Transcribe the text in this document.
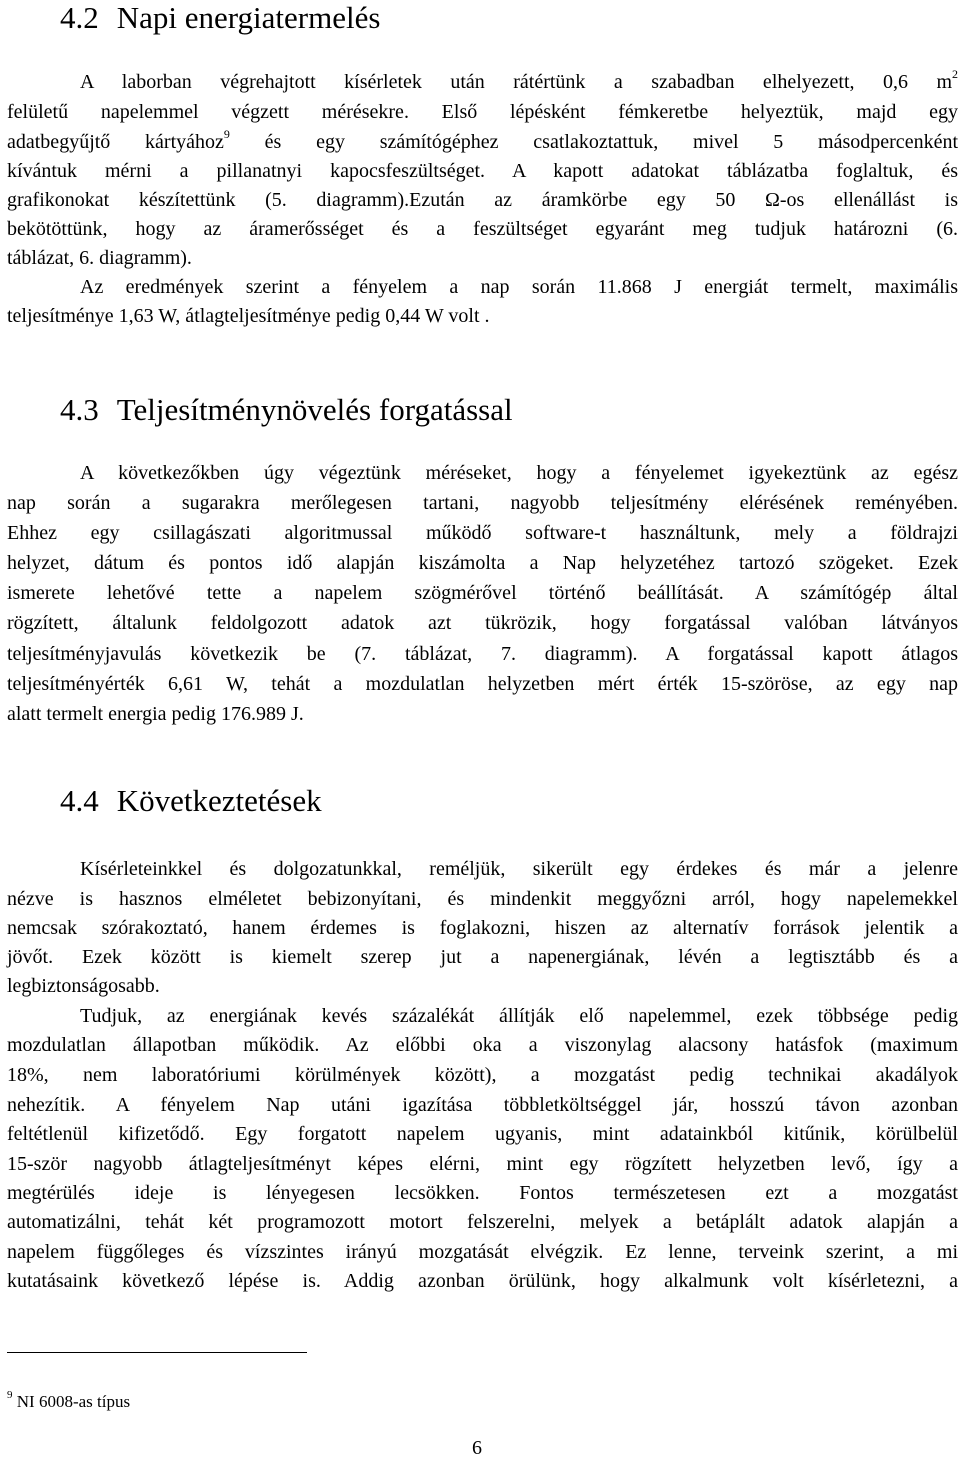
4.2 Napi energiatermelés

A laborban végrehajtott kísérletek után rátértünk a szabadban elhelyezett, 0,6 $m^2$

felületű napelemmel végzett mérésekre. Első lépésként fémkeretbe helyeztük, majd egy

adatbegyűjtő kártyához$^9$ és egy számítógéphez csatlakoztattuk, mivel 5 másodpercenként

kívántuk mérni a pillanatnyi kapocsfeszültséget. A kapott adatokat táblázatba foglaltuk, és

grafikonokat készítettünk (5. diagramm).Ezután az áramkörbe egy 50 Ω-os ellenállást is

bekötöttünk, hogy az áramerősséget és a feszültséget egyaránt meg tudjuk határozni (6.

táblázat, 6. diagramm).

Az eredmények szerint a fényelem a nap során 11.868 J energiát termelt, maximális

teljesítménye 1,63 W, átlagteljesítménye pedig 0,44 W volt .

4.3 Teljesítménynövelés forgatással

A következőkben úgy végeztünk méréseket, hogy a fényelemet igyekeztünk az egész

nap során a sugarakra merőlegesen tartani, nagyobb teljesítmény elérésének reményében.

Ehhez egy csillagászati algoritmussal működő software-t használtunk, mely a földrajzi

helyzet, dátum és pontos idő alapján kiszámolta a Nap helyzetéhez tartozó szögeket. Ezek

ismerete lehetővé tette a napelem szögmérővel történő beállítását. A számítógép által

rögzített, általunk feldolgozott adatok azt tükrözik, hogy forgatással valóban látványos

teljesítményjavulás következik be (7. táblázat, 7. diagramm). A forgatással kapott átlagos

teljesítményérték 6,61 W, tehát a mozdulatlan helyzetben mért érték 15-szöröse, az egy nap

alatt termelt energia pedig 176.989 J.

4.4 Következtetések

Kísérleteinkkel és dolgozatunkkal, reméljük, sikerült egy érdekes és már a jelenre

nézve is hasznos elméletet bebizonyítani, és mindenkit meggyőzni arról, hogy napelemekkel

nemcsak szórakoztató, hanem érdemes is foglakozni, hiszen az alternatív források jelentik a

jövőt. Ezek között is kiemelt szerep jut a napenergiának, lévén a legtisztább és a

legbiztonságosabb.

Tudjuk, az energiának kevés százalékát állítják elő napelemmel, ezek többsége pedig

mozdulatlan állapotban működik. Az előbbi oka a viszonylag alacsony hatásfok (maximum

18%, nem laboratóriumi körülmények között), a mozgatást pedig technikai akadályok

nehezítik. A fényelem Nap utáni igazítása többletköltséggel jár, hosszú távon azonban

feltétlenül kifizetődő. Egy forgatott napelem ugyanis, mint adatainkból kitűnik, körülbelül

15-ször nagyobb átlagteljesítményt képes elérni, mint egy rögzített helyzetben levő, így a

megtérülés ideje is lényegesen lecsökken. Fontos természetesen ezt a mozgatást

automatizálni, tehát két programozott motort felszerelni, melyek a betáplált adatok alapján a

napelem függőleges és vízszintes irányú mozgatását elvégzik. Ez lenne, terveink szerint, a mi

kutatásaink következő lépése is. Addig azonban örülünk, hogy alkalmunk volt kísérletezni, a

$^9$ NI 6008-as típus

6
